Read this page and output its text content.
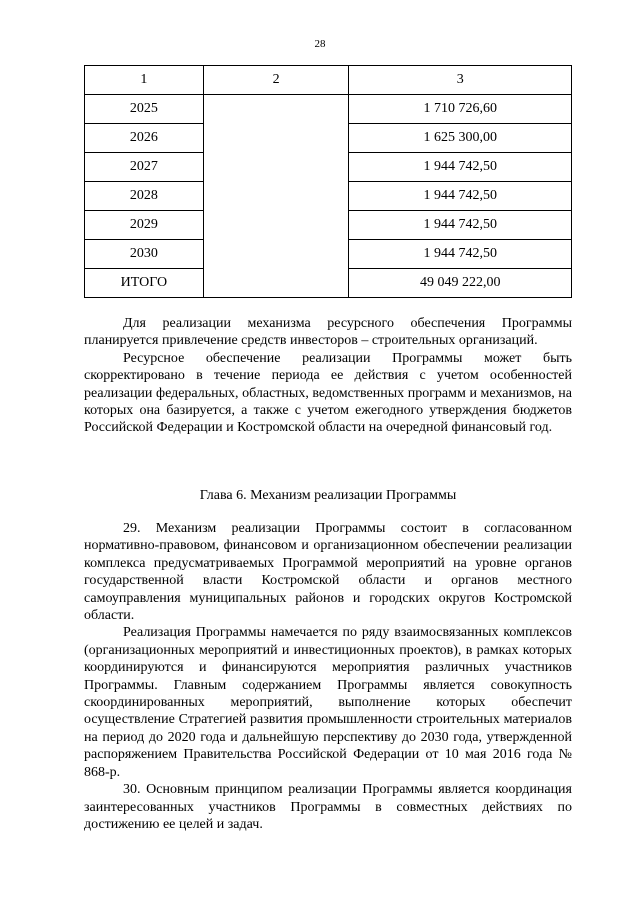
28
1	2	3
2025		1 710 726,60
2026		1 625 300,00
2027		1 944 742,50
2028		1 944 742,50
2029		1 944 742,50
2030		1 944 742,50
ИТОГО		49 049 222,00

Для реализации механизма ресурсного обеспечения Программы планируется привлечение средств инвесторов – строительных организаций.

Ресурсное обеспечение реализации Программы может быть скорректировано в течение периода ее действия с учетом особенностей реализации федеральных, областных, ведомственных программ и механизмов, на которых она базируется, а также с учетом ежегодного утверждения бюджетов Российской Федерации и Костромской области на очередной финансовый год.

Глава 6. Механизм реализации Программы

29. Механизм реализации Программы состоит в согласованном нормативно-правовом, финансовом и организационном обеспечении реализации комплекса предусматриваемых Программой мероприятий на уровне органов государственной власти Костромской области и органов местного самоуправления муниципальных районов и городских округов Костромской области.

Реализация Программы намечается по ряду взаимосвязанных комплексов (организационных мероприятий и инвестиционных проектов), в рамках которых координируются и финансируются мероприятия различных участников Программы. Главным содержанием Программы является совокупность скоординированных мероприятий, выполнение которых обеспечит осуществление Стратегией развития промышленности строительных материалов на период до 2020 года и дальнейшую перспективу до 2030 года, утвержденной распоряжением Правительства Российской Федерации от 10 мая 2016 года № 868-р.

30. Основным принципом реализации Программы является координация заинтересованных участников Программы в совместных действиях по достижению ее целей и задач.
